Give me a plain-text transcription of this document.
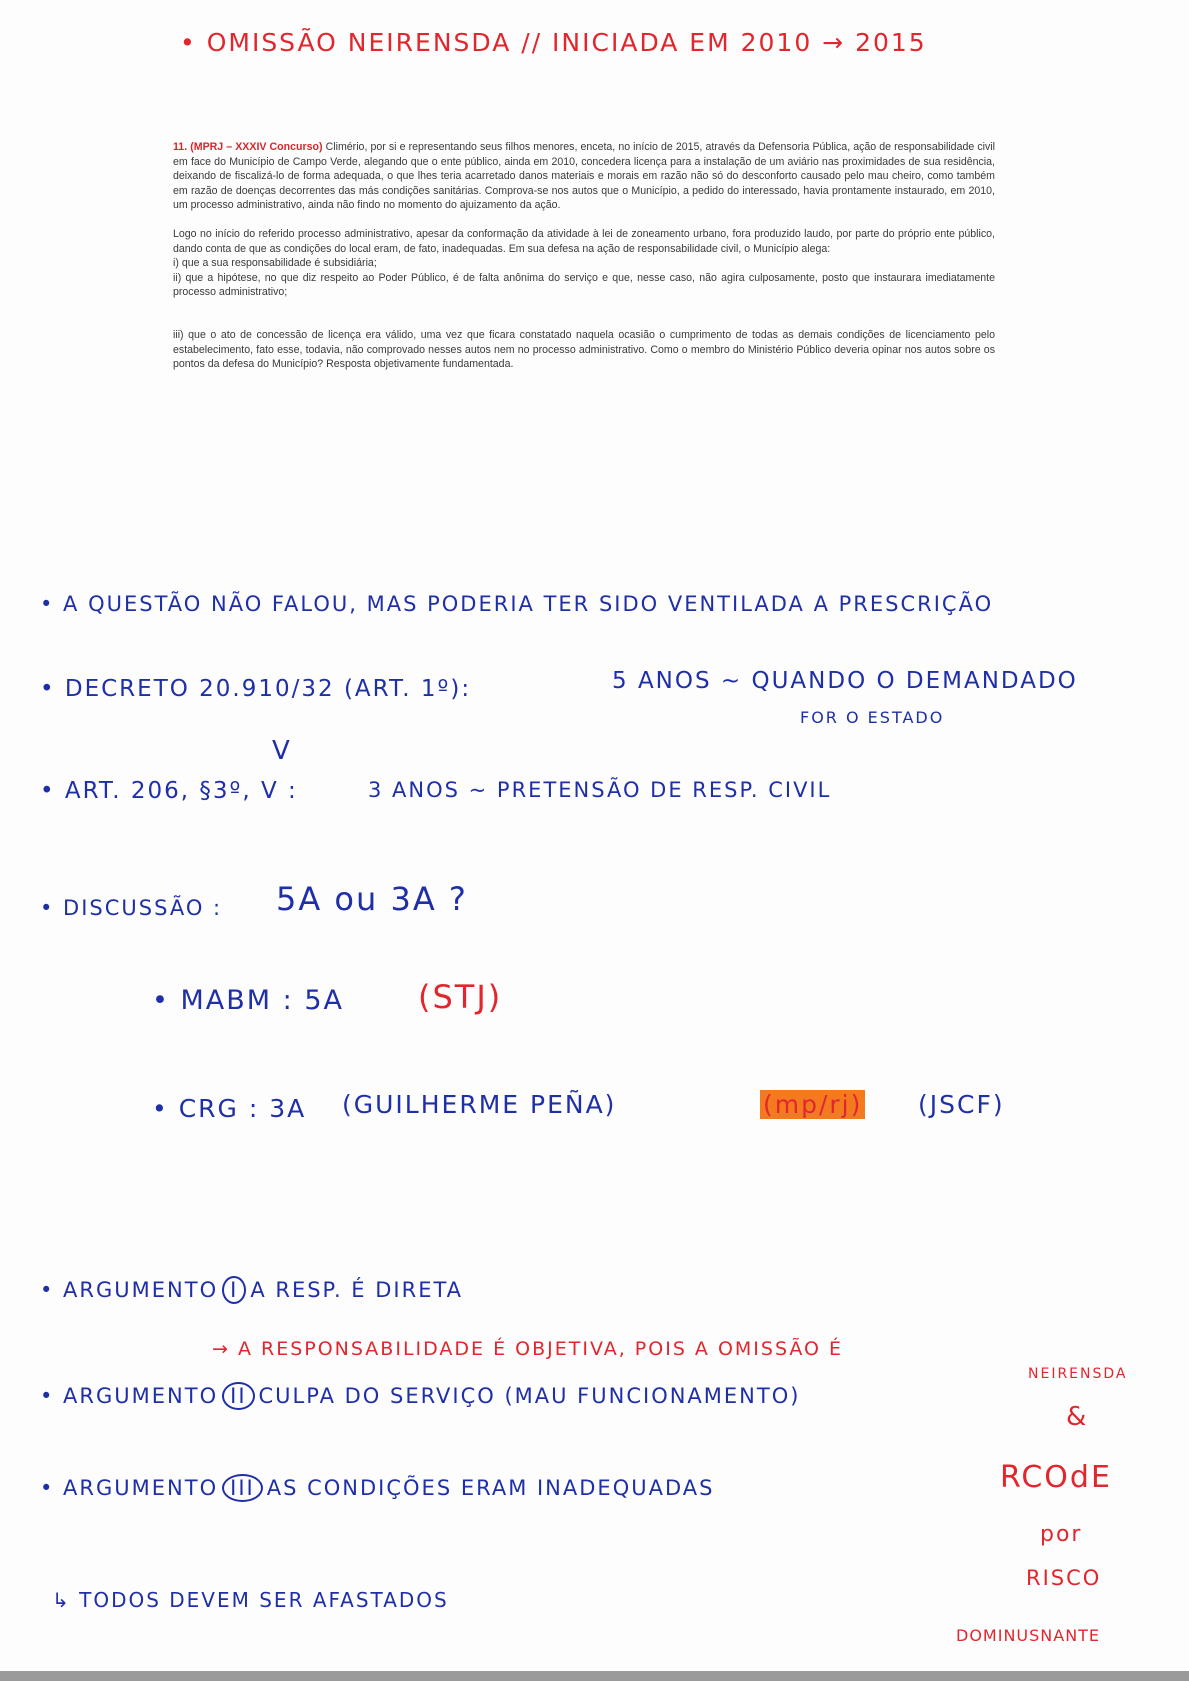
• OMISSÃO NEIRENSDA // INICIADA EM 2010 → 2015

11. (MPRJ – XXXIV Concurso) Climério, por si e representando seus filhos menores, enceta, no início de 2015, através da Defensoria Pública, ação de responsabilidade civil em face do Município de Campo Verde, alegando que o ente público, ainda em 2010, concedera licença para a instalação de um aviário nas proximidades de sua residência, deixando de fiscalizá-lo de forma adequada, o que lhes teria acarretado danos materiais e morais em razão não só do desconforto causado pelo mau cheiro, como também em razão de doenças decorrentes das más condições sanitárias. Comprova-se nos autos que o Município, a pedido do interessado, havia prontamente instaurado, em 2010, um processo administrativo, ainda não findo no momento do ajuizamento da ação.

Logo no início do referido processo administrativo, apesar da conformação da atividade à lei de zoneamento urbano, fora produzido laudo, por parte do próprio ente público, dando conta de que as condições do local eram, de fato, inadequadas. Em sua defesa na ação de responsabilidade civil, o Município alega:

i) que a sua responsabilidade é subsidiária;

ii) que a hipótese, no que diz respeito ao Poder Público, é de falta anônima do serviço e que, nesse caso, não agira culposamente, posto que instaurara imediatamente processo administrativo;

iii) que o ato de concessão de licença era válido, uma vez que ficara constatado naquela ocasião o cumprimento de todas as demais condições de licenciamento pelo estabelecimento, fato esse, todavia, não comprovado nesses autos nem no processo administrativo. Como o membro do Ministério Público deveria opinar nos autos sobre os pontos da defesa do Município? Resposta objetivamente fundamentada.

• A QUESTÃO NÃO FALOU, MAS PODERIA TER SIDO VENTILADA A PRESCRIÇÃO
• DECRETO 20.910/32 (ART. 1º):	5 ANOS ~ QUANDO O DEMANDADO
FOR O ESTADO
V
• ART. 206, §3º, V :	3 ANOS ~ PRETENSÃO DE RESP. CIVIL
• DISCUSSÃO : 5A ou 3A ?
• MABM : 5A (STJ)
• CRG : 3A (GUILHERME PEÑA)	(mp/rj) (JSCF)
• ARGUMENTO I A RESP. É DIRETA
→ A RESPONSABILIDADE É OBJETIVA, POIS A OMISSÃO É
NEIRENSDA
• ARGUMENTO II CULPA DO SERVIÇO (MAU FUNCIONAMENTO)
&
• ARGUMENTO III AS CONDIÇÕES ERAM INADEQUADAS	RCOdE
por
RISCO
DOMINUSNANTE
↳ TODOS DEVEM SER AFASTADOS
